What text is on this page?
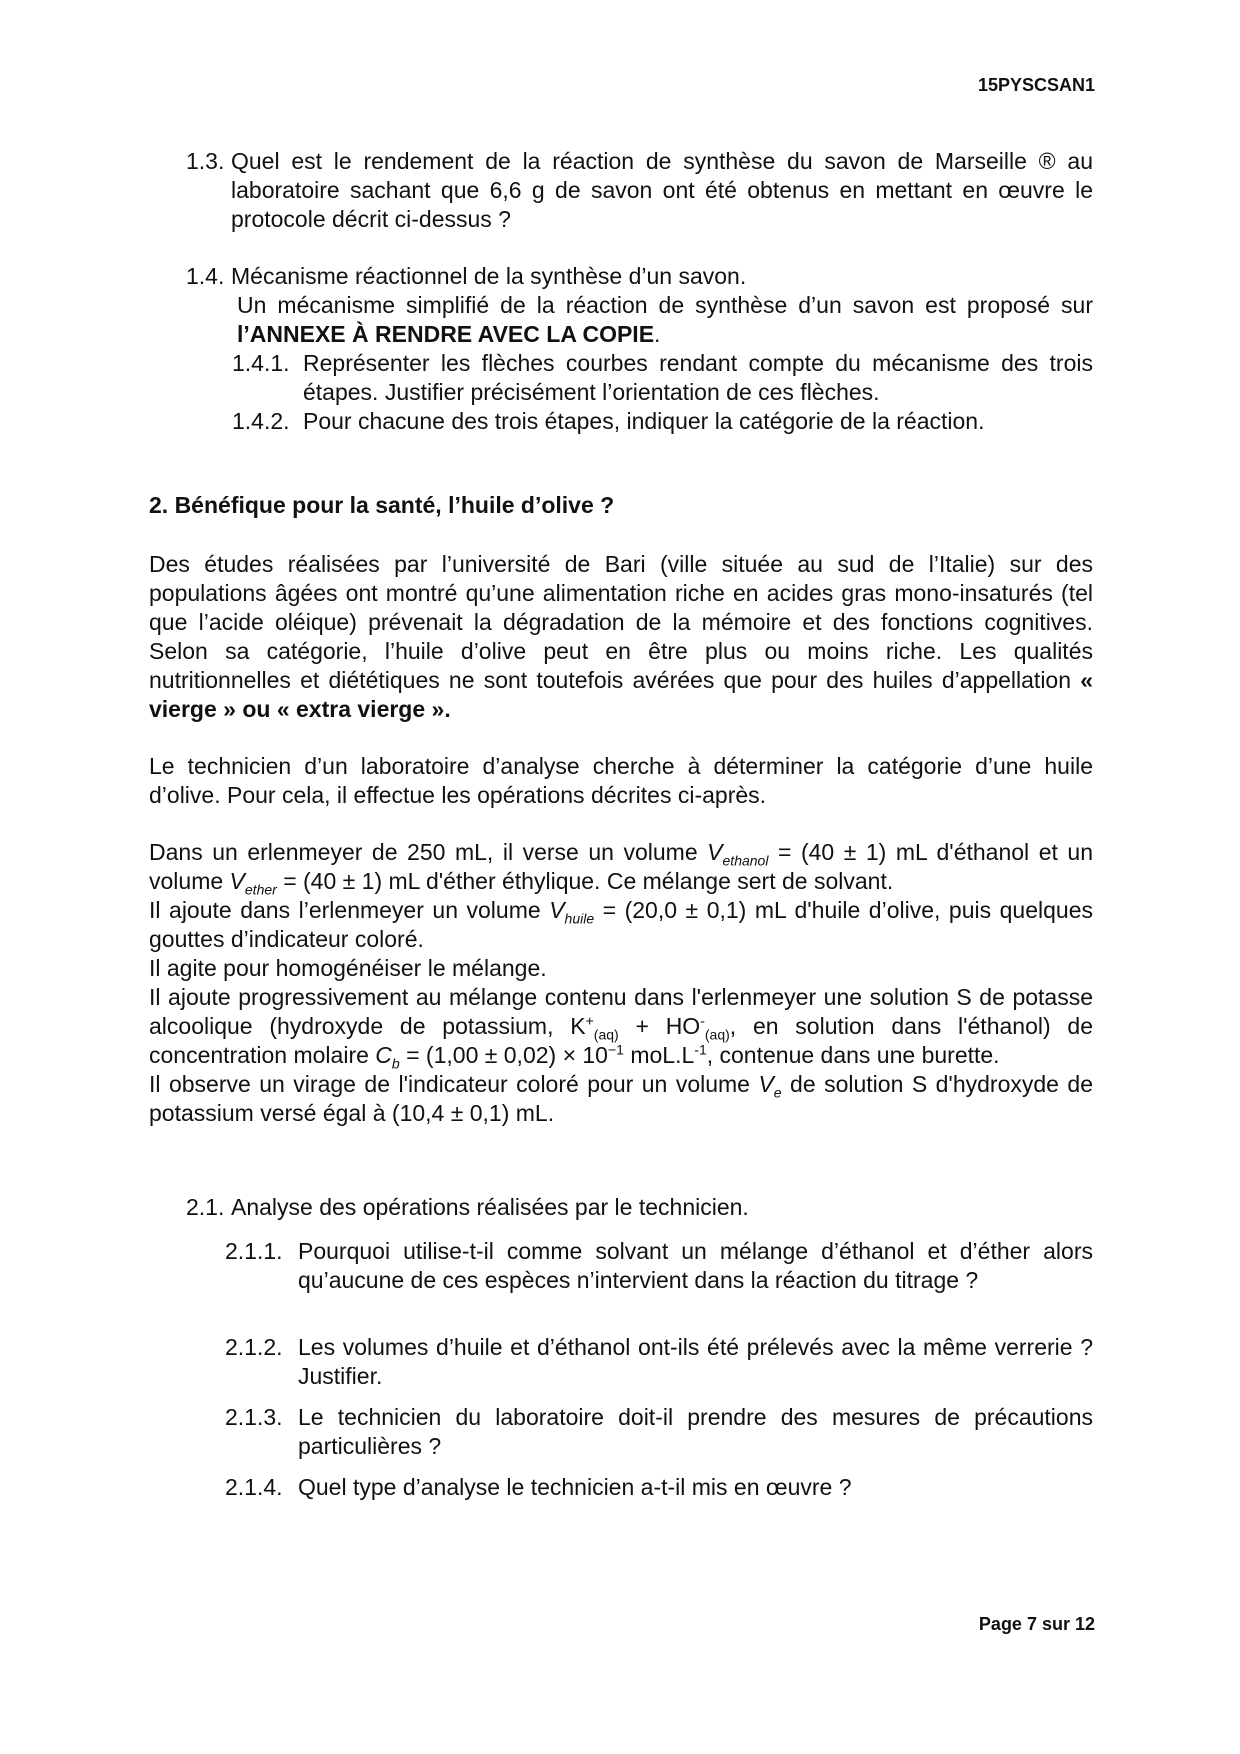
15PYSCSAN1
1.3. Quel est le rendement de la réaction de synthèse du savon de Marseille ® au laboratoire sachant que 6,6 g de savon ont été obtenus en mettant en œuvre le protocole décrit ci-dessus ?

1.4. Mécanisme réactionnel de la synthèse d’un savon.

Un mécanisme simplifié de la réaction de synthèse d’un savon est proposé sur l’ANNEXE À RENDRE AVEC LA COPIE.
1.4.1. Représenter les flèches courbes rendant compte du mécanisme des trois étapes. Justifier précisément l’orientation de ces flèches.

1.4.2. Pour chacune des trois étapes, indiquer la catégorie de la réaction.

2. Bénéfique pour la santé, l’huile d’olive ?
Des études réalisées par l’université de Bari (ville située au sud de l’Italie) sur des populations âgées ont montré qu’une alimentation riche en acides gras mono-insaturés (tel que l’acide oléique) prévenait la dégradation de la mémoire et des fonctions cognitives. Selon sa catégorie, l’huile d’olive peut en être plus ou moins riche. Les qualités nutritionnelles et diététiques ne sont toutefois avérées que pour des huiles d’appellation « vierge » ou « extra vierge ».
Le technicien d’un laboratoire d’analyse cherche à déterminer la catégorie d’une huile d’olive. Pour cela, il effectue les opérations décrites ci-après.

Dans un erlenmeyer de 250 mL, il verse un volume $V_{ethanol} = (40 \pm 1)$ mL d'éthanol et un volume $V_{ether} = (40 \pm 1)$ mL d'éther éthylique. Ce mélange sert de solvant.

Il ajoute dans l’erlenmeyer un volume $V_{huile} = (20,0 \pm 0,1)$ mL d'huile d’olive, puis quelques gouttes d’indicateur coloré.

Il agite pour homogénéiser le mélange.

Il ajoute progressivement au mélange contenu dans l'erlenmeyer une solution S de potasse alcoolique (hydroxyde de potassium, $K^+_{(aq)} + HO^-_{(aq)}$, en solution dans l'éthanol) de concentration molaire $C_b = (1,00 \pm 0,02) \times 10^{-1}$ $moL.L^{-1}$, contenue dans une burette.

Il observe un virage de l'indicateur coloré pour un volume $V_e$ de solution S d'hydroxyde de potassium versé égal à (10,4 ± 0,1) mL.

2.1. Analyse des opérations réalisées par le technicien.

2.1.1. Pourquoi utilise-t-il comme solvant un mélange d’éthanol et d’éther alors qu’aucune de ces espèces n’intervient dans la réaction du titrage ?

2.1.2. Les volumes d’huile et d’éthanol ont-ils été prélevés avec la même verrerie ? Justifier.

2.1.3. Le technicien du laboratoire doit-il prendre des mesures de précautions particulières ?

2.1.4. Quel type d’analyse le technicien a-t-il mis en œuvre ?

Page 7 sur 12
